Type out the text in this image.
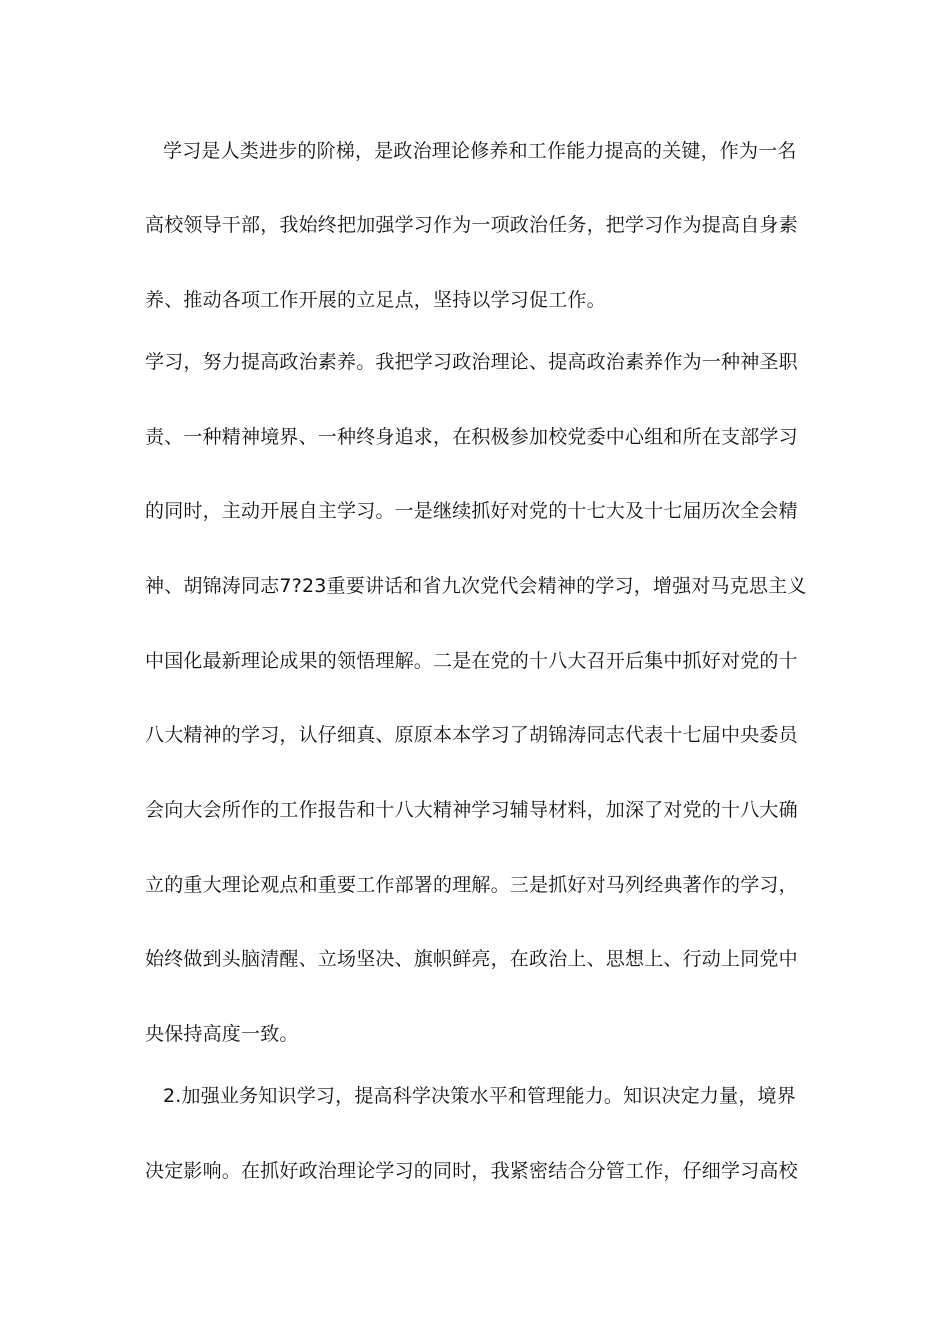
学习是人类进步的阶梯，是政治理论修养和工作能力提高的关键，作为一名
高校领导干部，我始终把加强学习作为一项政治任务，把学习作为提高自身素
养、推动各项工作开展的立足点，坚持以学习促工作。
学习，努力提高政治素养。我把学习政治理论、提高政治素养作为一种神圣职
责、一种精神境界、一种终身追求，在积极参加校党委中心组和所在支部学习
的同时，主动开展自主学习。一是继续抓好对党的十七大及十七届历次全会精
神、胡锦涛同志7?23重要讲话和省九次党代会精神的学习，增强对马克思主义
中国化最新理论成果的领悟理解。二是在党的十八大召开后集中抓好对党的十
八大精神的学习，认仔细真、原原本本学习了胡锦涛同志代表十七届中央委员
会向大会所作的工作报告和十八大精神学习辅导材料，加深了对党的十八大确
立的重大理论观点和重要工作部署的理解。三是抓好对马列经典著作的学习，
始终做到头脑清醒、立场坚决、旗帜鲜亮，在政治上、思想上、行动上同党中
央保持高度一致。
2.加强业务知识学习，提高科学决策水平和管理能力。知识决定力量，境界
决定影响。在抓好政治理论学习的同时，我紧密结合分管工作，仔细学习高校
